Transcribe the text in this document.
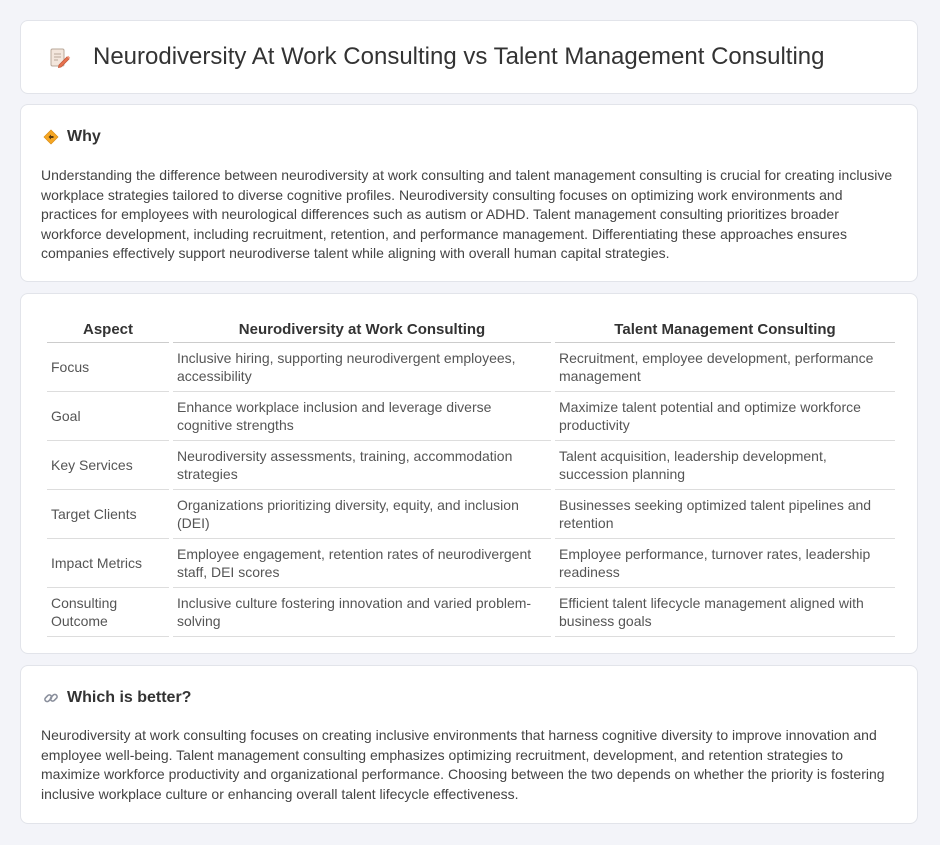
Neurodiversity At Work Consulting vs Talent Management Consulting
Why

Understanding the difference between neurodiversity at work consulting and talent management consulting is crucial for creating inclusive workplace strategies tailored to diverse cognitive profiles. Neurodiversity consulting focuses on optimizing work environments and practices for employees with neurological differences such as autism or ADHD. Talent management consulting prioritizes broader workforce development, including recruitment, retention, and performance management. Differentiating these approaches ensures companies effectively support neurodiverse talent while aligning with overall human capital strategies.

Aspect	Neurodiversity at Work Consulting	Talent Management Consulting
Focus	Inclusive hiring, supporting neurodivergent employees, accessibility	Recruitment, employee development, performance management
Goal	Enhance workplace inclusion and leverage diverse cognitive strengths	Maximize talent potential and optimize workforce productivity
Key Services	Neurodiversity assessments, training, accommodation strategies	Talent acquisition, leadership development, succession planning
Target Clients	Organizations prioritizing diversity, equity, and inclusion (DEI)	Businesses seeking optimized talent pipelines and retention
Impact Metrics	Employee engagement, retention rates of neurodivergent staff, DEI scores	Employee performance, turnover rates, leadership readiness
Consulting Outcome	Inclusive culture fostering innovation and varied problem-solving	Efficient talent lifecycle management aligned with business goals
Which is better?

Neurodiversity at work consulting focuses on creating inclusive environments that harness cognitive diversity to improve innovation and employee well-being. Talent management consulting emphasizes optimizing recruitment, development, and retention strategies to maximize workforce productivity and organizational performance. Choosing between the two depends on whether the priority is fostering inclusive workplace culture or enhancing overall talent lifecycle effectiveness.
